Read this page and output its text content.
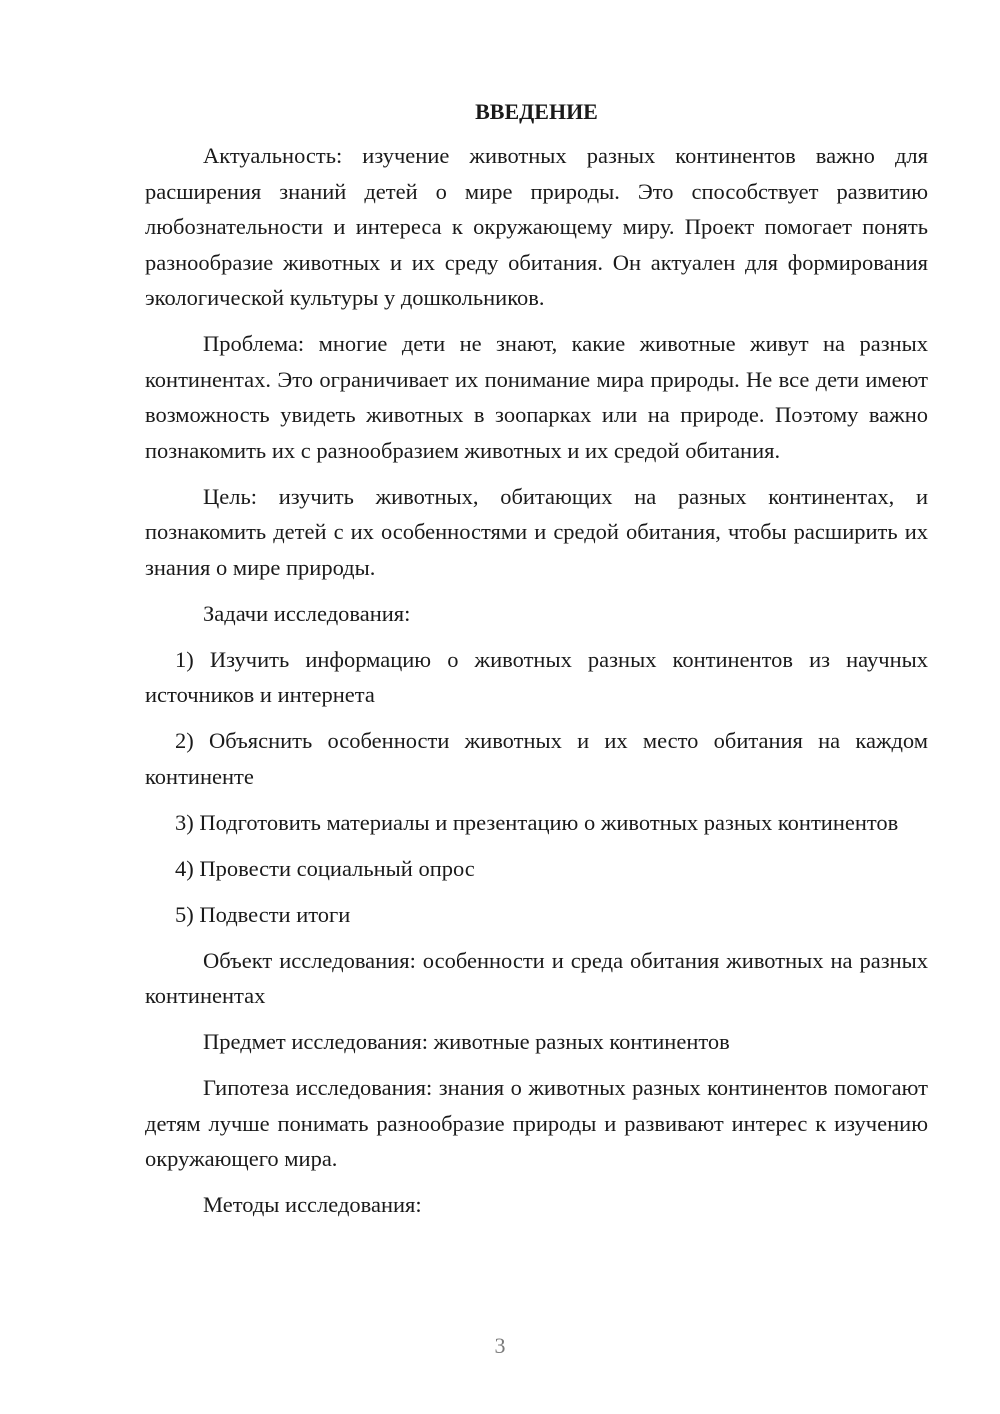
ВВЕДЕНИЕ

Актуальность: изучение животных разных континентов важно для расширения знаний детей о мире природы. Это способствует развитию любознательности и интереса к окружающему миру. Проект помогает понять разнообразие животных и их среду обитания. Он актуален для формирования экологической культуры у дошкольников.

Проблема: многие дети не знают, какие животные живут на разных континентах. Это ограничивает их понимание мира природы. Не все дети имеют возможность увидеть животных в зоопарках или на природе. Поэтому важно познакомить их с разнообразием животных и их средой обитания.

Цель: изучить животных, обитающих на разных континентах, и познакомить детей с их особенностями и средой обитания, чтобы расширить их знания о мире природы.

Задачи исследования:

1) Изучить информацию о животных разных континентов из научных источников и интернета

2) Объяснить особенности животных и их место обитания на каждом континенте

3) Подготовить материалы и презентацию о животных разных континентов

4) Провести социальный опрос

5) Подвести итоги

Объект исследования: особенности и среда обитания животных на разных континентах

Предмет исследования: животные разных континентов

Гипотеза исследования: знания о животных разных континентов помогают детям лучше понимать разнообразие природы и развивают интерес к изучению окружающего мира.

Методы исследования:

3
